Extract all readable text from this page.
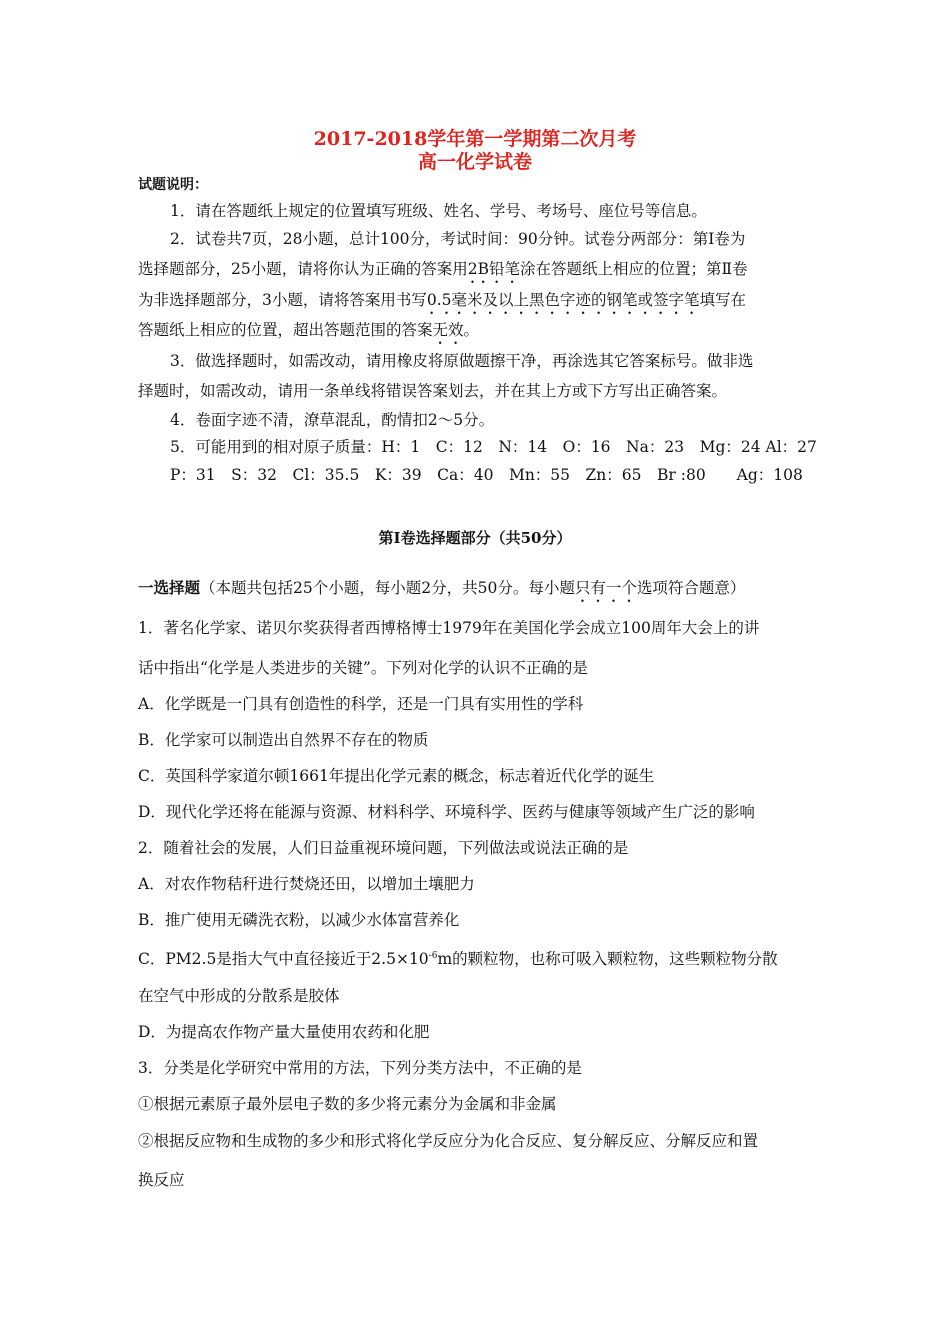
2017-2018学年第一学期第二次月考
高一化学试卷
试题说明：
1．请在答题纸上规定的位置填写班级、姓名、学号、考场号、座位号等信息。
2．试卷共7页，28小题，总计100分，考试时间：90分钟。试卷分两部分：第Ⅰ卷为
选择题部分，25小题，请将你认为正确的答案用2B铅笔涂在答题纸上相应的位置；第Ⅱ卷
为非选择题部分，3小题，请将答案用书写0.5毫米及以上黑色字迹的钢笔或签字笔填写在
答题纸上相应的位置，超出答题范围的答案无效。
3．做选择题时，如需改动，请用橡皮将原做题擦干净，再涂选其它答案标号。做非选
择题时，如需改动，请用一条单线将错误答案划去，并在其上方或下方写出正确答案。
4．卷面字迹不清，潦草混乱，酌情扣2～5分。
5．可能用到的相对原子质量：H：1　C：12　N：14　O：16　Na：23　Mg：24 Al：27
P：31　S：32　Cl：35.5　K：39　Ca：40　Mn：55　Zn：65　Br :80　　Ag：108
第Ⅰ卷选择题部分（共50分）
一选择题（本题共包括25个小题，每小题2分，共50分。每小题只有一个选项符合题意）
1．著名化学家、诺贝尔奖获得者西博格博士1979年在美国化学会成立100周年大会上的讲
话中指出“化学是人类进步的关键”。下列对化学的认识不正确的是
A．化学既是一门具有创造性的科学，还是一门具有实用性的学科
B．化学家可以制造出自然界不存在的物质
C．英国科学家道尔顿1661年提出化学元素的概念，标志着近代化学的诞生
D．现代化学还将在能源与资源、材料科学、环境科学、医药与健康等领域产生广泛的影响
2．随着社会的发展，人们日益重视环境问题，下列做法或说法正确的是
A．对农作物秸秆进行焚烧还田，以增加土壤肥力
B．推广使用无磷洗衣粉，以减少水体富营养化
C．PM2.5是指大气中直径接近于$2.5\times 10^{-6}m$的颗粒物，也称可吸入颗粒物，这些颗粒物分散
在空气中形成的分散系是胶体
D．为提高农作物产量大量使用农药和化肥
3．分类是化学研究中常用的方法，下列分类方法中，不正确的是
①根据元素原子最外层电子数的多少将元素分为金属和非金属
②根据反应物和生成物的多少和形式将化学反应分为化合反应、复分解反应、分解反应和置
换反应
